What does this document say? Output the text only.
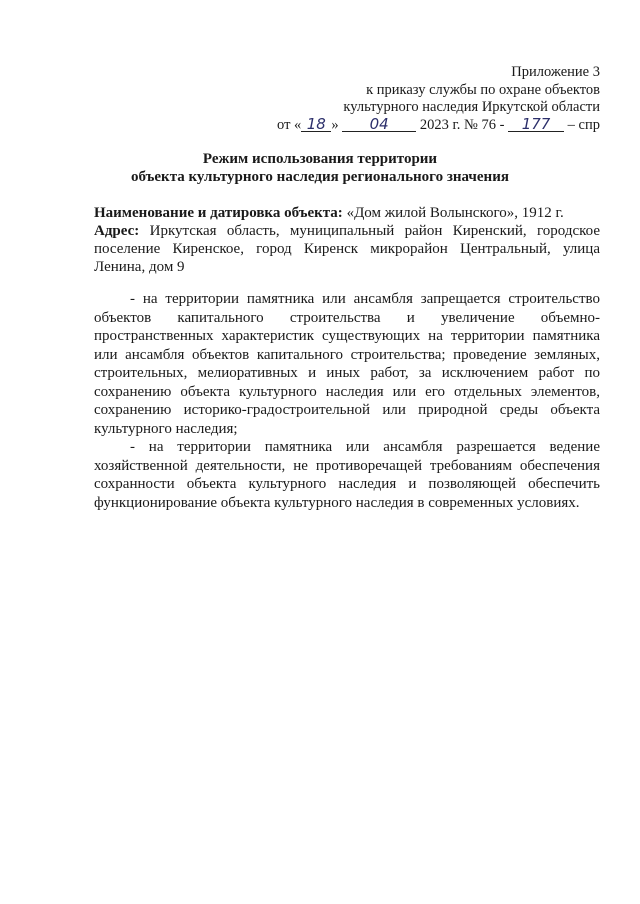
Приложение 3
к приказу службы по охране объектов
культурного наследия Иркутской области
от « 18 » 04 2023 г. № 76 - 177 – спр
Режим использования территории
объекта культурного наследия регионального значения
Наименование и датировка объекта: «Дом жилой Волынского», 1912 г.
Адрес: Иркутская область, муниципальный район Киренский, городское поселение Киренское, город Киренск микрорайон Центральный, улица Ленина, дом 9

- на территории памятника или ансамбля запрещается строительство объектов капитального строительства и увеличение объемно-пространственных характеристик существующих на территории памятника или ансамбля объектов капитального строительства; проведение земляных, строительных, мелиоративных и иных работ, за исключением работ по сохранению объекта культурного наследия или его отдельных элементов, сохранению историко-градостроительной или природной среды объекта культурного наследия;

- на территории памятника или ансамбля разрешается ведение хозяйственной деятельности, не противоречащей требованиям обеспечения сохранности объекта культурного наследия и позволяющей обеспечить функционирование объекта культурного наследия в современных условиях.
